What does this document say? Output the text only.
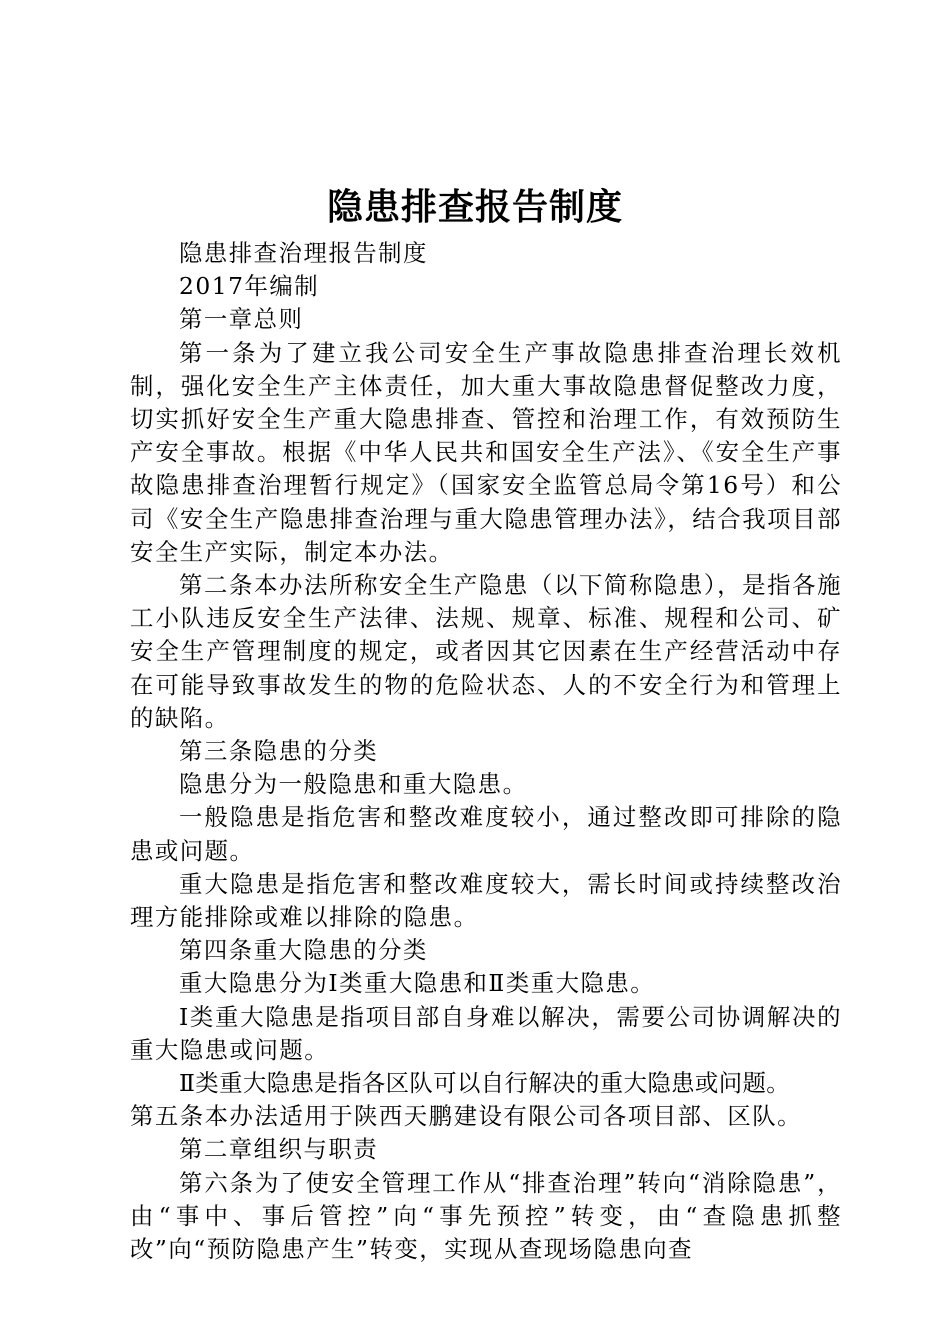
隐患排查报告制度

隐患排查治理报告制度

2017年编制

第一章总则

第一条为了建立我公司安全生产事故隐患排查治理长效机制，强化安全生产主体责任，加大重大事故隐患督促整改力度，切实抓好安全生产重大隐患排查、管控和治理工作，有效预防生产安全事故。根据《中华人民共和国安全生产法》、《安全生产事故隐患排查治理暂行规定》（国家安全监管总局令第16号）和公司《安全生产隐患排查治理与重大隐患管理办法》，结合我项目部安全生产实际，制定本办法。

第二条本办法所称安全生产隐患（以下简称隐患），是指各施工小队违反安全生产法律、法规、规章、标准、规程和公司、矿安全生产管理制度的规定，或者因其它因素在生产经营活动中存在可能导致事故发生的物的危险状态、人的不安全行为和管理上的缺陷。

第三条隐患的分类

隐患分为一般隐患和重大隐患。

一般隐患是指危害和整改难度较小，通过整改即可排除的隐患或问题。

重大隐患是指危害和整改难度较大，需长时间或持续整改治理方能排除或难以排除的隐患。

第四条重大隐患的分类

重大隐患分为Ⅰ类重大隐患和Ⅱ类重大隐患。

Ⅰ类重大隐患是指项目部自身难以解决，需要公司协调解决的重大隐患或问题。

Ⅱ类重大隐患是指各区队可以自行解决的重大隐患或问题。

第五条本办法适用于陕西天鹏建设有限公司各项目部、区队。

第二章组织与职责

第六条为了使安全管理工作从“排查治理”转向“消除隐患”，由“事中、事后管控”向“事先预控”转变，由“查隐患抓整改”向“预防隐患产生”转变，实现从查现场隐患向查
